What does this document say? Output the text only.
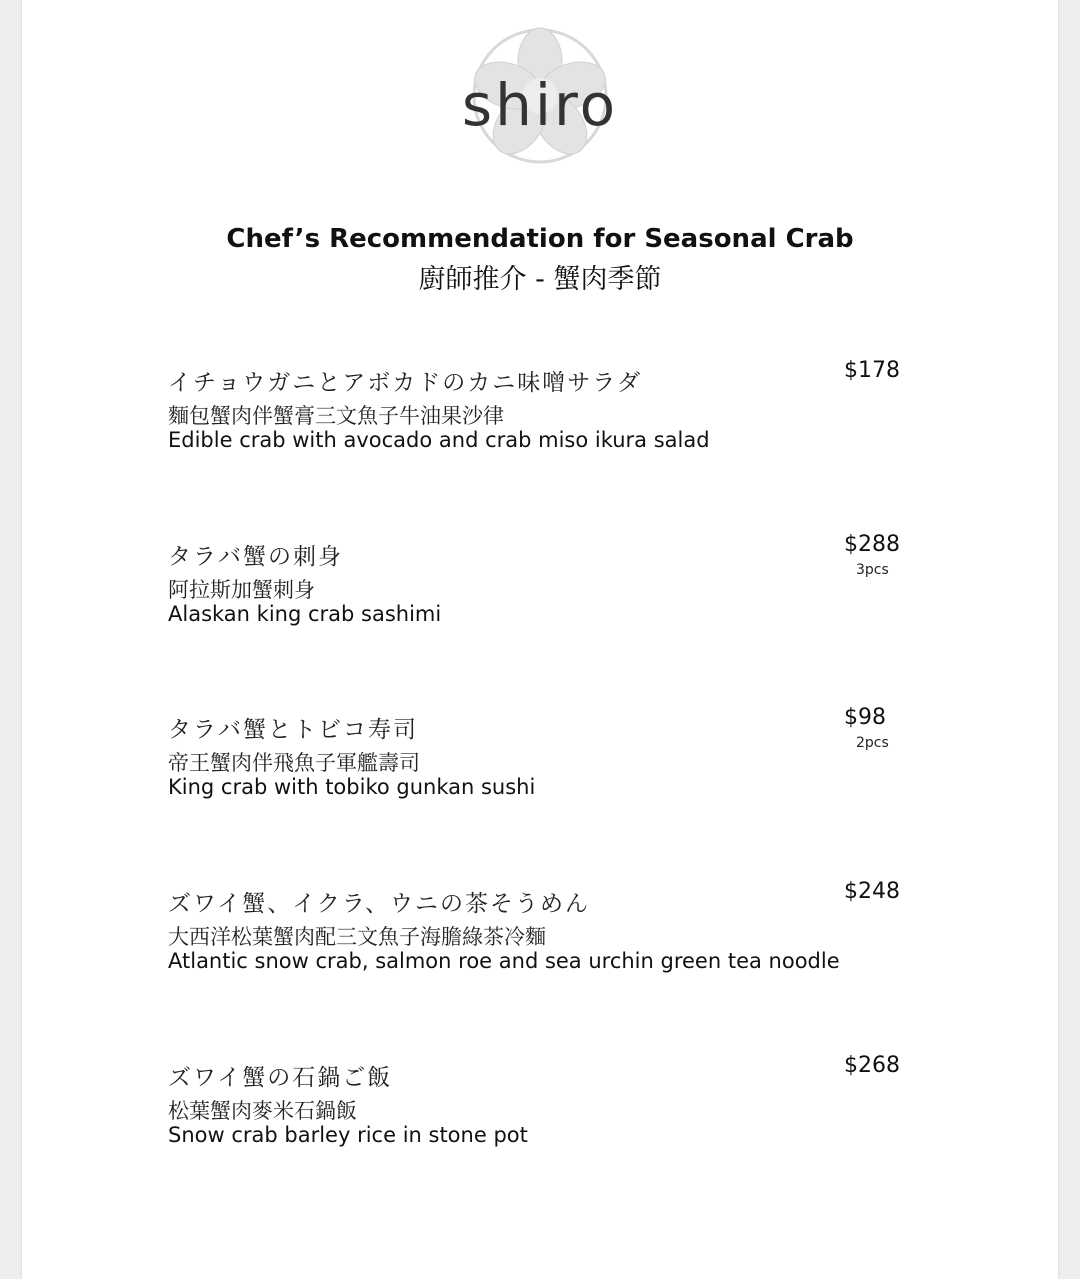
shiro
Chef’s Recommendation for Seasonal Crab
廚師推介 - 蟹肉季節
イチョウガニとアボカドのカニ味噌サラダ
麵包蟹肉伴蟹膏三文魚子牛油果沙律
Edible crab with avocado and crab miso ikura salad
$178
タラバ蟹の刺身
阿拉斯加蟹刺身
Alaskan king crab sashimi
$288
3pcs
タラバ蟹とトビコ寿司
帝王蟹肉伴飛魚子軍艦壽司
King crab with tobiko gunkan sushi
$98
2pcs
ズワイ蟹、イクラ、ウニの茶そうめん
大西洋松葉蟹肉配三文魚子海膽綠茶冷麵
Atlantic snow crab, salmon roe and sea urchin green tea noodle
$248
ズワイ蟹の石鍋ご飯
松葉蟹肉麥米石鍋飯
Snow crab barley rice in stone pot
$268
